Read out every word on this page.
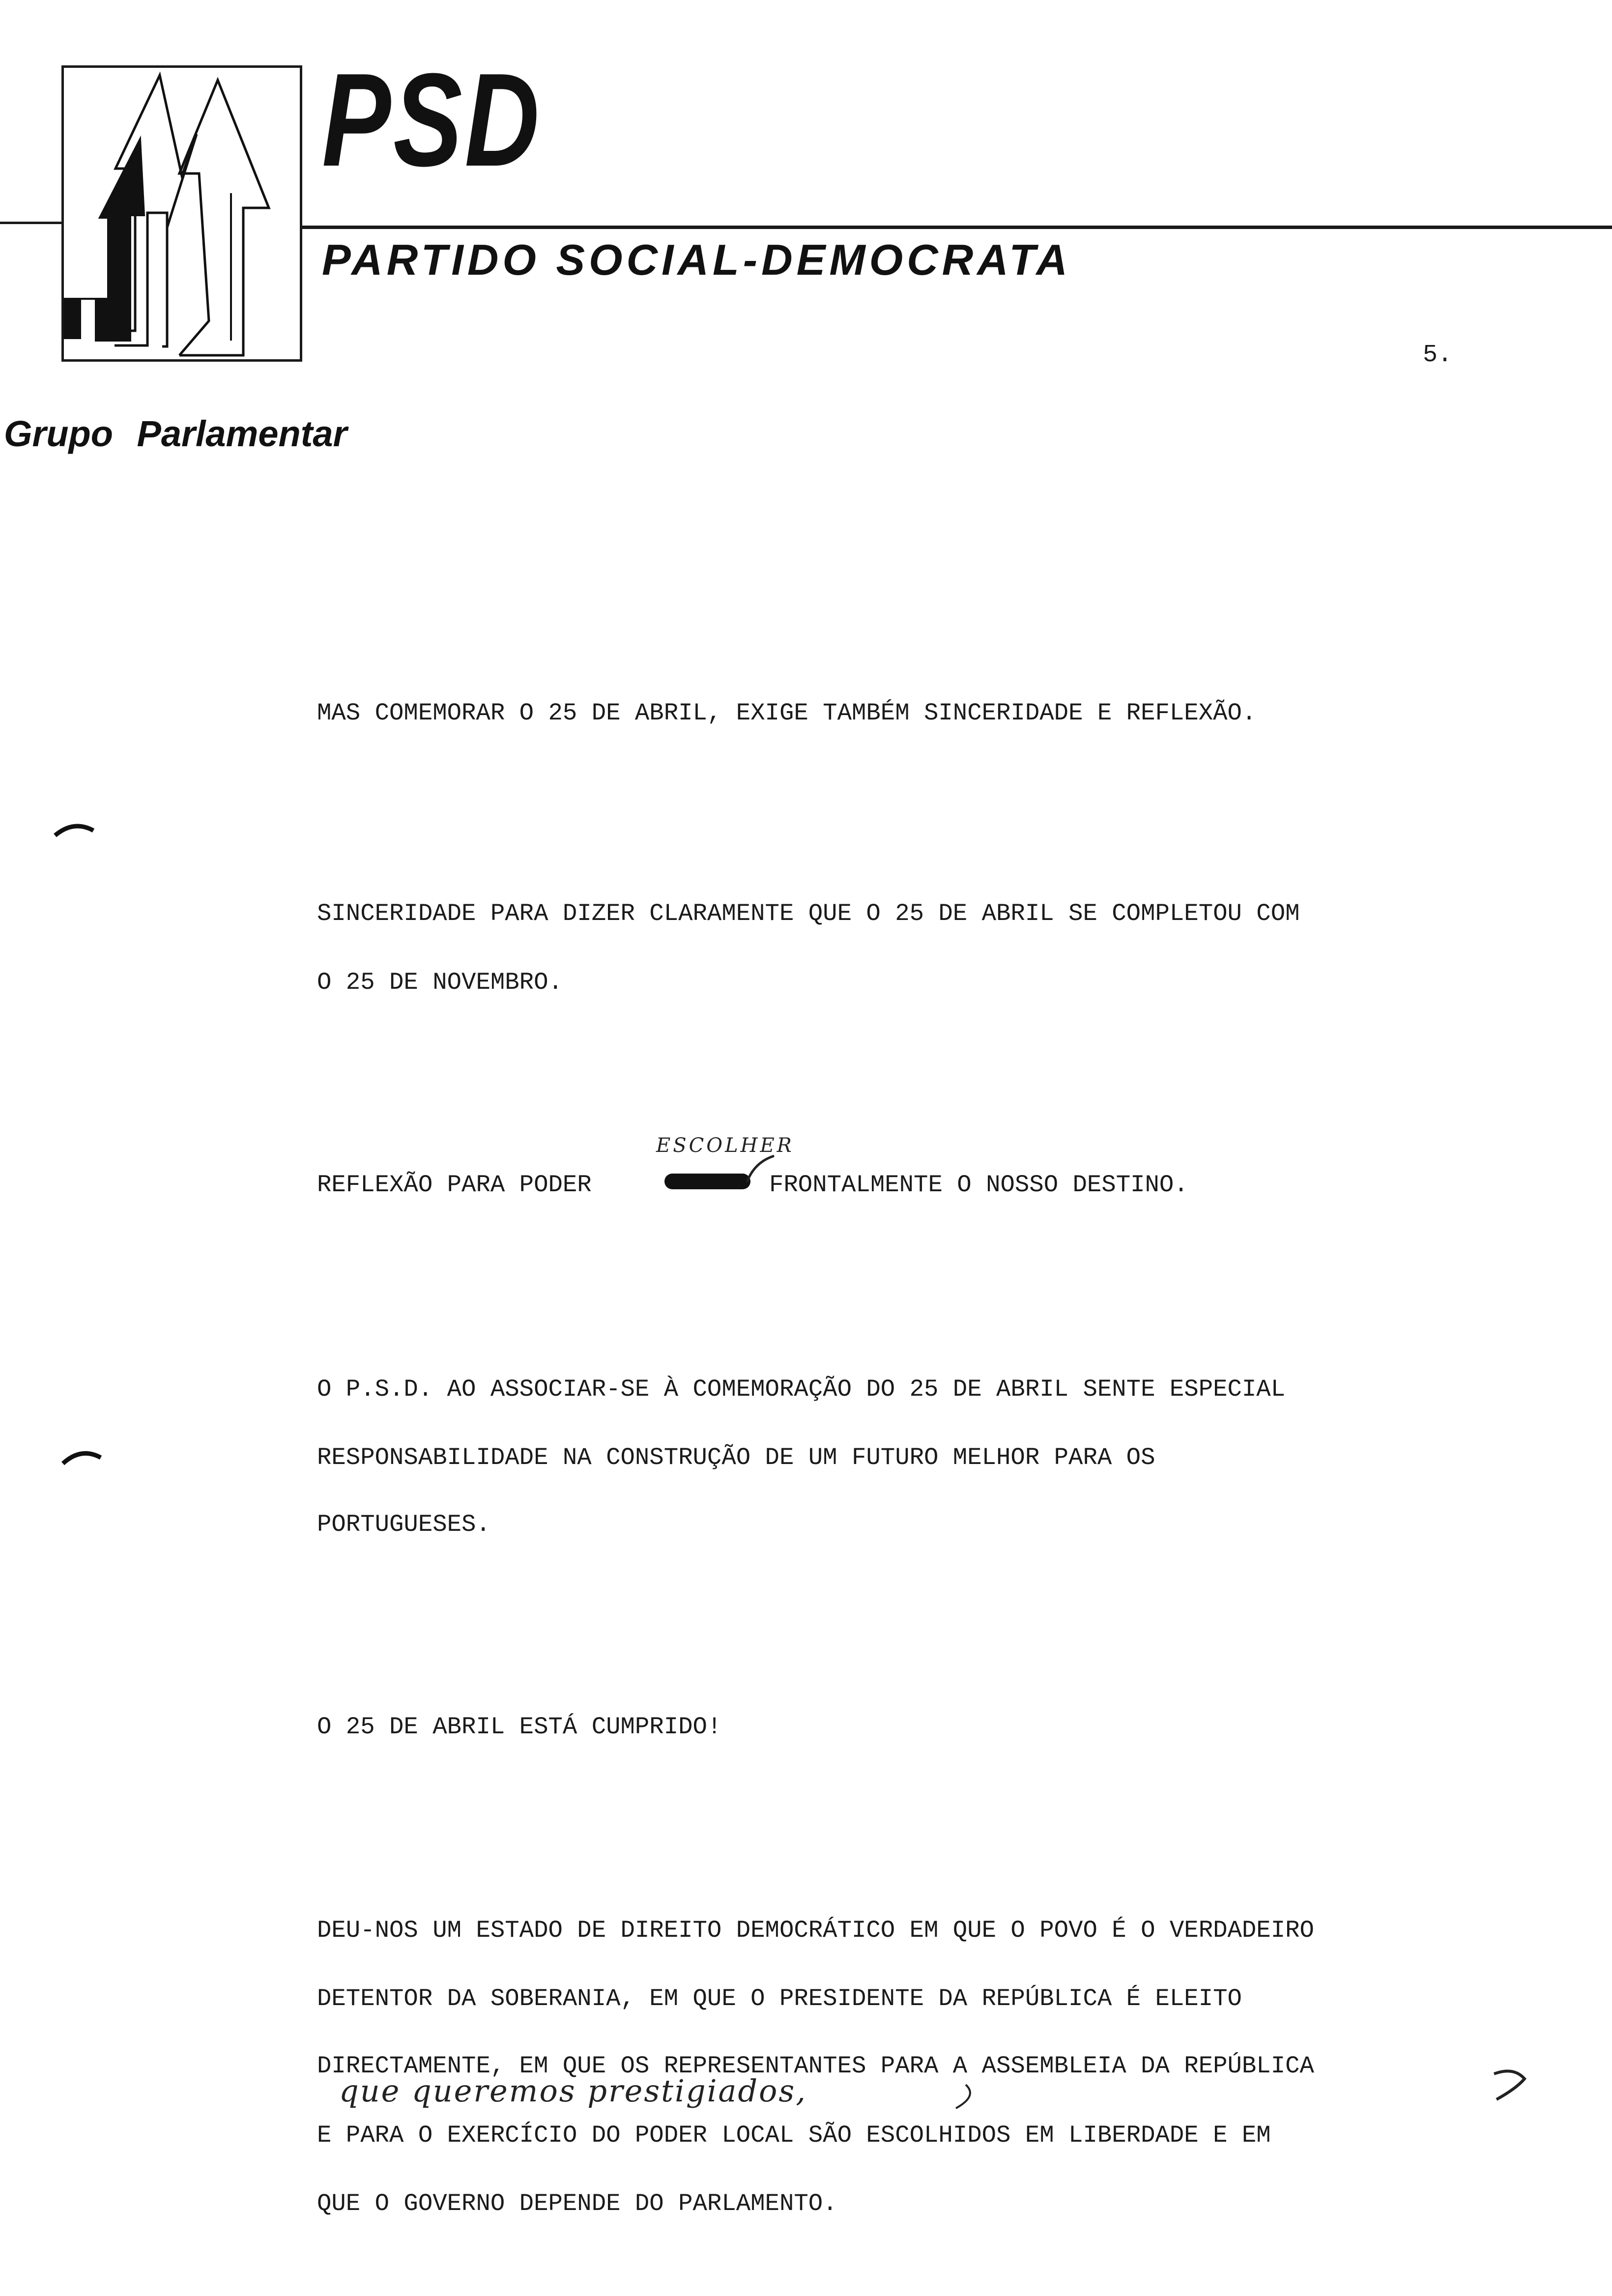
PSD
PARTIDO SOCIAL-DEMOCRATA
Grupo Parlamentar
5.
MAS COMEMORAR O 25 DE ABRIL, EXIGE TAMBÉM SINCERIDADE E REFLEXÃO.
SINCERIDADE PARA DIZER CLARAMENTE QUE O 25 DE ABRIL SE COMPLETOU COM
O 25 DE NOVEMBRO.
REFLEXÃO PARA PODER	FRONTALMENTE O NOSSO DESTINO.
O P.S.D. AO ASSOCIAR-SE À COMEMORAÇÃO DO 25 DE ABRIL SENTE ESPECIAL
RESPONSABILIDADE NA CONSTRUÇÃO DE UM FUTURO MELHOR PARA OS
PORTUGUESES.
O 25 DE ABRIL ESTÁ CUMPRIDO!
DEU-NOS UM ESTADO DE DIREITO DEMOCRÁTICO EM QUE O POVO É O VERDADEIRO
DETENTOR DA SOBERANIA, EM QUE O PRESIDENTE DA REPÚBLICA É ELEITO
DIRECTAMENTE, EM QUE OS REPRESENTANTES PARA A ASSEMBLEIA DA REPÚBLICA
E PARA O EXERCÍCIO DO PODER LOCAL SÃO ESCOLHIDOS EM LIBERDADE E EM
QUE O GOVERNO DEPENDE DO PARLAMENTO.
ESCOLHER
que queremos prestigiados,
